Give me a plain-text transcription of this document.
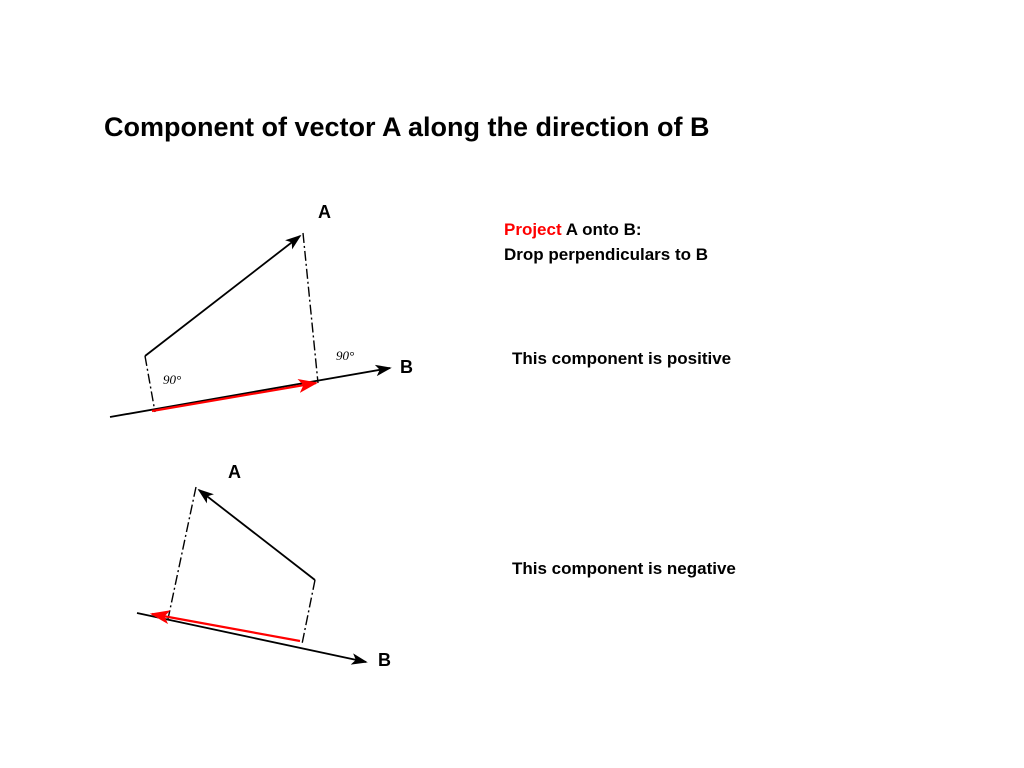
Component of vector A along the direction of B
A
B
90°
90°
A
B
Project A onto B:
Drop perpendiculars to B
This component is positive
This component is negative
